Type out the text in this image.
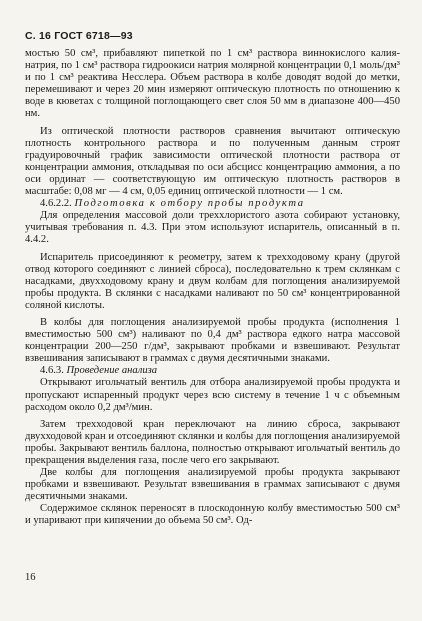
С. 16 ГОСТ 6718—93

мостью 50 см³, прибавляют пипеткой по 1 см³ раствора виннокислого калия-натрия, по 1 см³ раствора гидроокиси натрия молярной концентрации 0,1 моль/дм³ и по 1 см³ реактива Несслера. Объем раствора в колбе доводят водой до метки, перемешивают и через 20 мин измеряют оптическую плотность по отношению к воде в кюветах с толщиной поглощающего свет слоя 50 мм в диапазоне 400—450 нм.

Из оптической плотности растворов сравнения вычитают оптическую плотность контрольного раствора и по полученным данным строят градуировочный график зависимости оптической плотности раствора от концентрации аммония, откладывая по оси абсцисс концентрацию аммония, а по оси ординат — соответствующую им оптическую плотность растворов в масштабе: 0,08 мг — 4 см, 0,05 единиц оптической плотности — 1 см.

4.6.2.2. Подготовка к отбору пробы продукта

Для определения массовой доли треххлористого азота собирают установку, учитывая требования п. 4.3. При этом используют испаритель, описанный в п. 4.4.2.

Испаритель присоединяют к реометру, затем к трехходовому крану (другой отвод которого соединяют с линией сброса), последовательно к трем склянкам с насадками, двухходовому крану и двум колбам для поглощения анализируемой пробы продукта. В склянки с насадками наливают по 50 см³ концентрированной соляной кислоты.

В колбы для поглощения анализируемой пробы продукта (исполнения 1 вместимостью 500 см³) наливают по 0,4 дм³ раствора едкого натра массовой концентрации 200—250 г/дм³, закрывают пробками и взвешивают. Результат взвешивания записывают в граммах с двумя десятичными знаками.

4.6.3. Проведение анализа

Открывают игольчатый вентиль для отбора анализируемой пробы продукта и пропускают испаренный продукт через всю систему в течение 1 ч с объемным расходом около 0,2 дм³/мин.

Затем трехходовой кран переключают на линию сброса, закрывают двухходовой кран и отсоединяют склянки и колбы для поглощения анализируемой пробы. Закрывают вентиль баллона, полностью открывают игольчатый вентиль до прекращения выделения газа, после чего его закрывают.

Две колбы для поглощения анализируемой пробы продукта закрывают пробками и взвешивают. Результат взвешивания в граммах записывают с двумя десятичными знаками.

Содержимое склянок переносят в плоскодонную колбу вместимостью 500 см³ и упаривают при кипячении до объема 50 см³. Од-

16
